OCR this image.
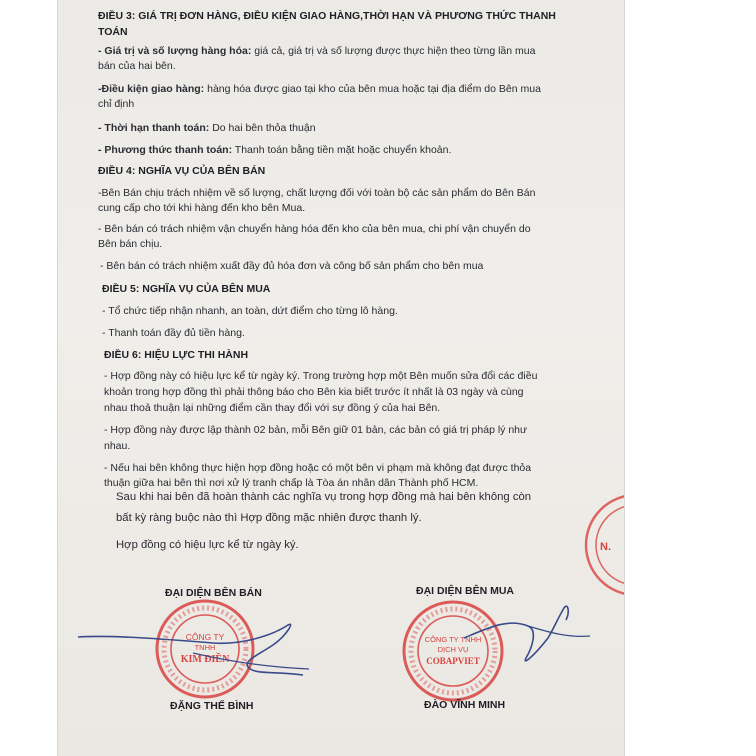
ĐIỀU 3: GIÁ TRỊ ĐƠN HÀNG, ĐIỀU KIỆN GIAO HÀNG,THỜI HẠN VÀ PHƯƠNG THỨC THANH
TOÁN
- Giá trị và số lượng hàng hóa: giá cả, giá trị và số lượng được thực hiện theo từng lần mua
bán của hai bên.
-Điều kiện giao hàng: hàng hóa được giao tại kho của bên mua hoặc tại địa điểm do Bên mua
chỉ định
- Thời hạn thanh toán: Do hai bên thỏa thuận
- Phương thức thanh toán: Thanh toán bằng tiền mặt hoặc chuyển khoản.
ĐIỀU 4: NGHĨA VỤ CỦA BÊN BÁN
-Bên Bán chịu trách nhiệm về số lượng, chất lượng đối với toàn bộ các sản phẩm do Bên Bán
cung cấp cho tới khi hàng đến kho bên Mua.
- Bên bán có trách nhiệm vận chuyển hàng hóa đến kho của bên mua, chi phí vận chuyển do
Bên bán chịu.
- Bên bán có trách nhiệm xuất đầy đủ hóa đơn và công bố sản phẩm cho bên mua
ĐIỀU 5: NGHĨA VỤ CỦA BÊN MUA
- Tổ chức tiếp nhận nhanh, an toàn, dứt điểm cho từng lô hàng.
- Thanh toán đầy đủ tiền hàng.
ĐIỀU 6: HIỆU LỰC THI HÀNH
- Hợp đồng này có hiệu lực kể từ ngày ký. Trong trường hợp một Bên muốn sửa đổi các điều
khoản trong hợp đồng thì phải thông báo cho Bên kia biết trước ít nhất là 03 ngày và cùng
nhau thoả thuận lại những điểm cần thay đổi với sự đồng ý của hai Bên.
- Hợp đồng này được lập thành 02 bản, mỗi Bên giữ 01 bản, các bản có giá trị pháp lý như
nhau.
- Nếu hai bên không thực hiện hợp đồng hoặc có một bên vi phạm mà không đạt được thỏa
thuận giữa hai bên thì nơi xử lý tranh chấp là Tòa án nhân dân Thành phố HCM.
Sau khi hai bên đã hoàn thành các nghĩa vụ trong hợp đồng mà hai bên không còn
bất kỳ ràng buộc nào thì Hợp đồng mặc nhiên được thanh lý.
Hợp đồng có hiệu lực kể từ ngày ký.	N.
ĐẠI DIỆN BÊN BÁN	ĐẠI DIỆN BÊN MUA
CÔNG TY
TNHH
KIM ĐIỀN
CÔNG TY TNHH
DỊCH VỤ
COBAPVIET
ĐẶNG THẾ BÌNH	ĐÀO VĨNH MINH
